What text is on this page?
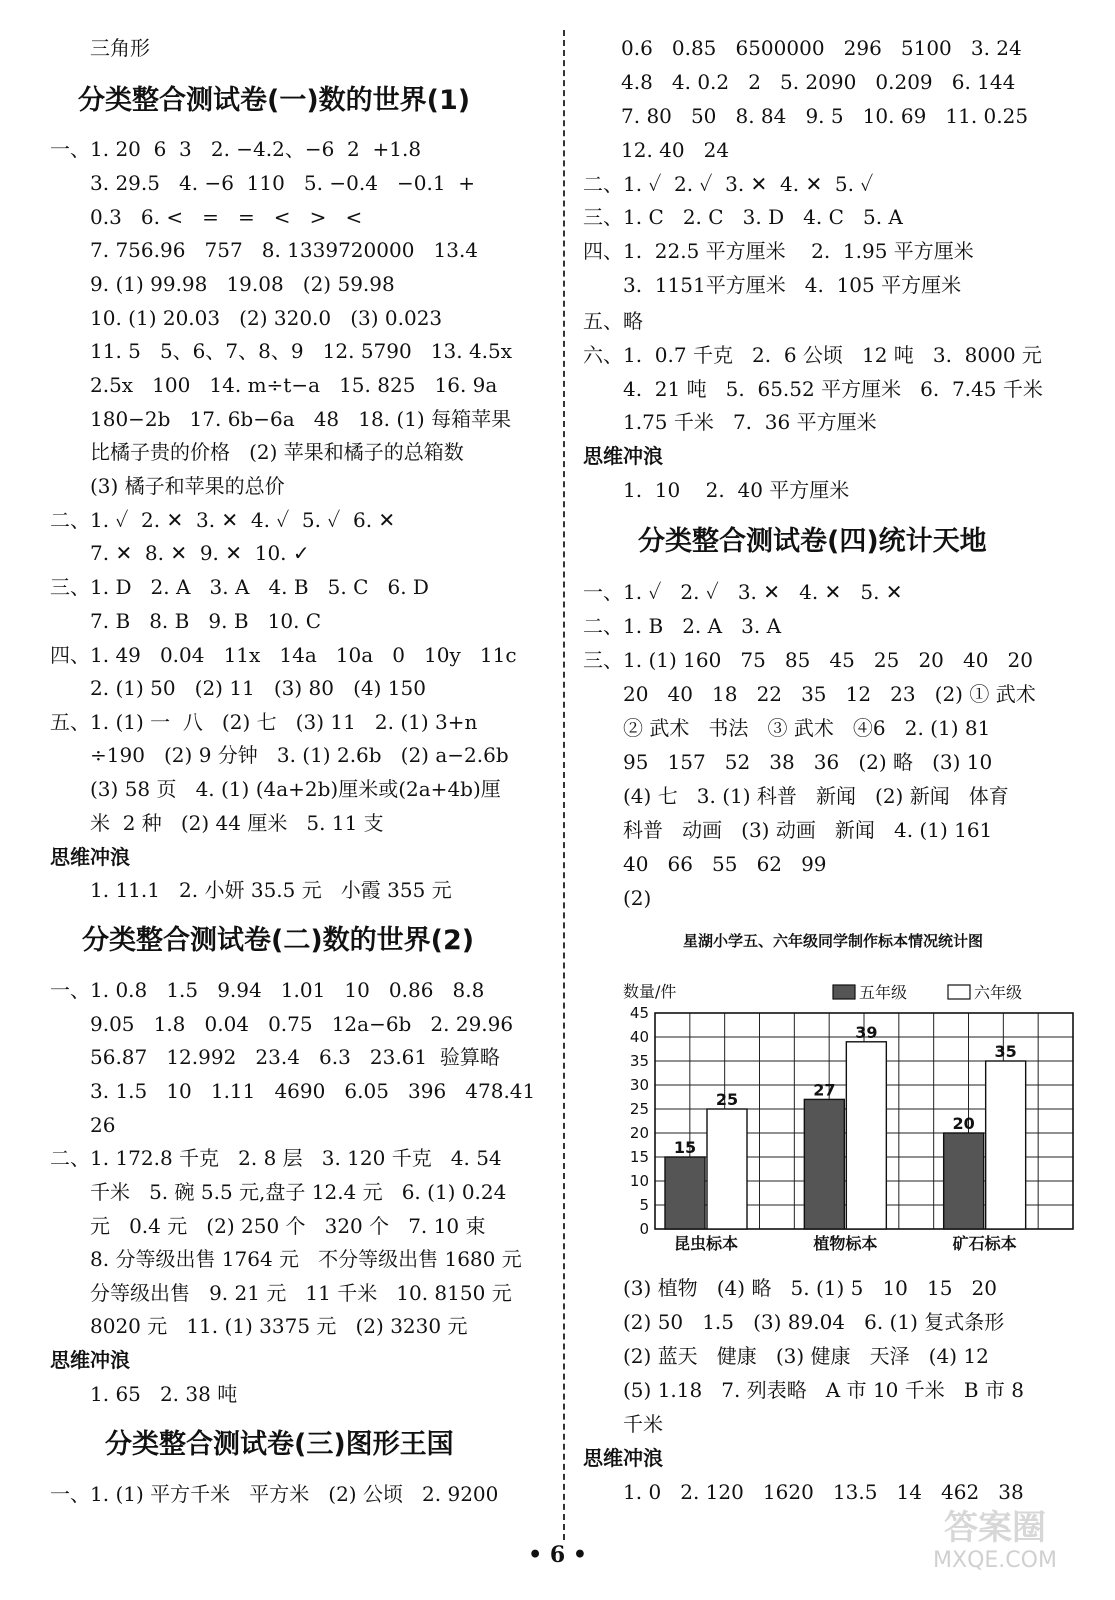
三角形
分类整合测试卷(一)数的世界(1)
一、1. 20  6  3   2. −4.2、−6  2  +1.8
3. 29.5   4. −6  110   5. −0.4   −0.1  +
0.3   6. <   =   =   <   >   <
7. 756.96   757   8. 1339720000   13.4
9. (1) 99.98   19.08   (2) 59.98
10. (1) 20.03   (2) 320.0   (3) 0.023
11. 5   5、6、7、8、9   12. 5790   13. 4.5x
2.5x   100   14. m÷t−a   15. 825   16. 9a
180−2b   17. 6b−6a   48   18. (1) 每箱苹果
比橘子贵的价格   (2) 苹果和橘子的总箱数
(3) 橘子和苹果的总价
二、1. ✓  2. ✕  3. ✕  4. ✓  5. ✓  6. ✕
7. ✕  8. ✕  9. ✕  10. ✓
三、1. D   2. A   3. A   4. B   5. C   6. D
7. B   8. B   9. B   10. C
四、1. 49   0.04   11x   14a   10a   0   10y   11c
2. (1) 50   (2) 11   (3) 80   (4) 150
五、1. (1) 一  八   (2) 七   (3) 11   2. (1) 3+n
÷190   (2) 9 分钟   3. (1) 2.6b   (2) a−2.6b
(3) 58 页   4. (1) (4a+2b)厘米或(2a+4b)厘
米  2 种   (2) 44 厘米   5. 11 支
思维冲浪
1. 11.1   2. 小妍 35.5 元   小霞 355 元
分类整合测试卷(二)数的世界(2)
一、1. 0.8   1.5   9.94   1.01   10   0.86   8.8
9.05   1.8   0.04   0.75   12a−6b   2. 29.96
56.87   12.992   23.4   6.3   23.61  验算略
3. 1.5   10   1.11   4690   6.05   396   478.41
26
二、1. 172.8 千克   2. 8 层   3. 120 千克   4. 54
千米   5. 碗 5.5 元,盘子 12.4 元   6. (1) 0.24
元   0.4 元   (2) 250 个   320 个   7. 10 束
8. 分等级出售 1764 元   不分等级出售 1680 元
分等级出售   9. 21 元   11 千米   10. 8150 元
8020 元   11. (1) 3375 元   (2) 3230 元
思维冲浪
1. 65   2. 38 吨
分类整合测试卷(三)图形王国
一、1. (1) 平方千米   平方米   (2) 公顷   2. 9200
0.6   0.85   6500000   296   5100   3. 24
4.8   4. 0.2   2   5. 2090   0.209   6. 144
7. 80   50   8. 84   9. 5   10. 69   11. 0.25
12. 40   24
二、1. ✓  2. ✓  3. ✕  4. ✕  5. ✓
三、1. C   2. C   3. D   4. C   5. A
四、1.  22.5 平方厘米    2.  1.95 平方厘米
3.  1151平方厘米   4.  105 平方厘米
五、略
六、1.  0.7 千克   2.  6 公顷   12 吨   3.  8000 元
4.  21 吨   5.  65.52 平方厘米   6.  7.45 千米
1.75 千米   7.  36 平方厘米
思维冲浪
1.  10    2.  40 平方厘米
分类整合测试卷(四)统计天地
一、1. ✓   2. ✓   3. ✕   4. ✕   5. ✕
二、1. B   2. A   3. A
三、1. (1) 160   75   85   45   25   20   40   20
20   40   18   22   35   12   23   (2) ① 武术
② 武术   书法   ③ 武术   ④6   2. (1) 81
95   157   52   38   36   (2) 略   (3) 10
(4) 七   3. (1) 科普   新闻   (2) 新闻   体育
科普   动画   (3) 动画   新闻   4. (1) 161
40   66   55   62   99
(2)
星湖小学五、六年级同学制作标本情况统计图
数量/件	五年级	六年级
0
5
10
15
20
25
30
35
40
45
15
25
昆虫标本
27
39
植物标本
20
35
矿石标本
(3) 植物   (4) 略   5. (1) 5   10   15   20
(2) 50   1.5   (3) 89.04   6. (1) 复式条形
(2) 蓝天   健康   (3) 健康   天泽   (4) 12
(5) 1.18   7. 列表略   A 市 10 千米   B 市 8
千米
思维冲浪
1. 0   2. 120   1620   13.5   14   462   38
• 6 •
答案圈
MXQE.COM
